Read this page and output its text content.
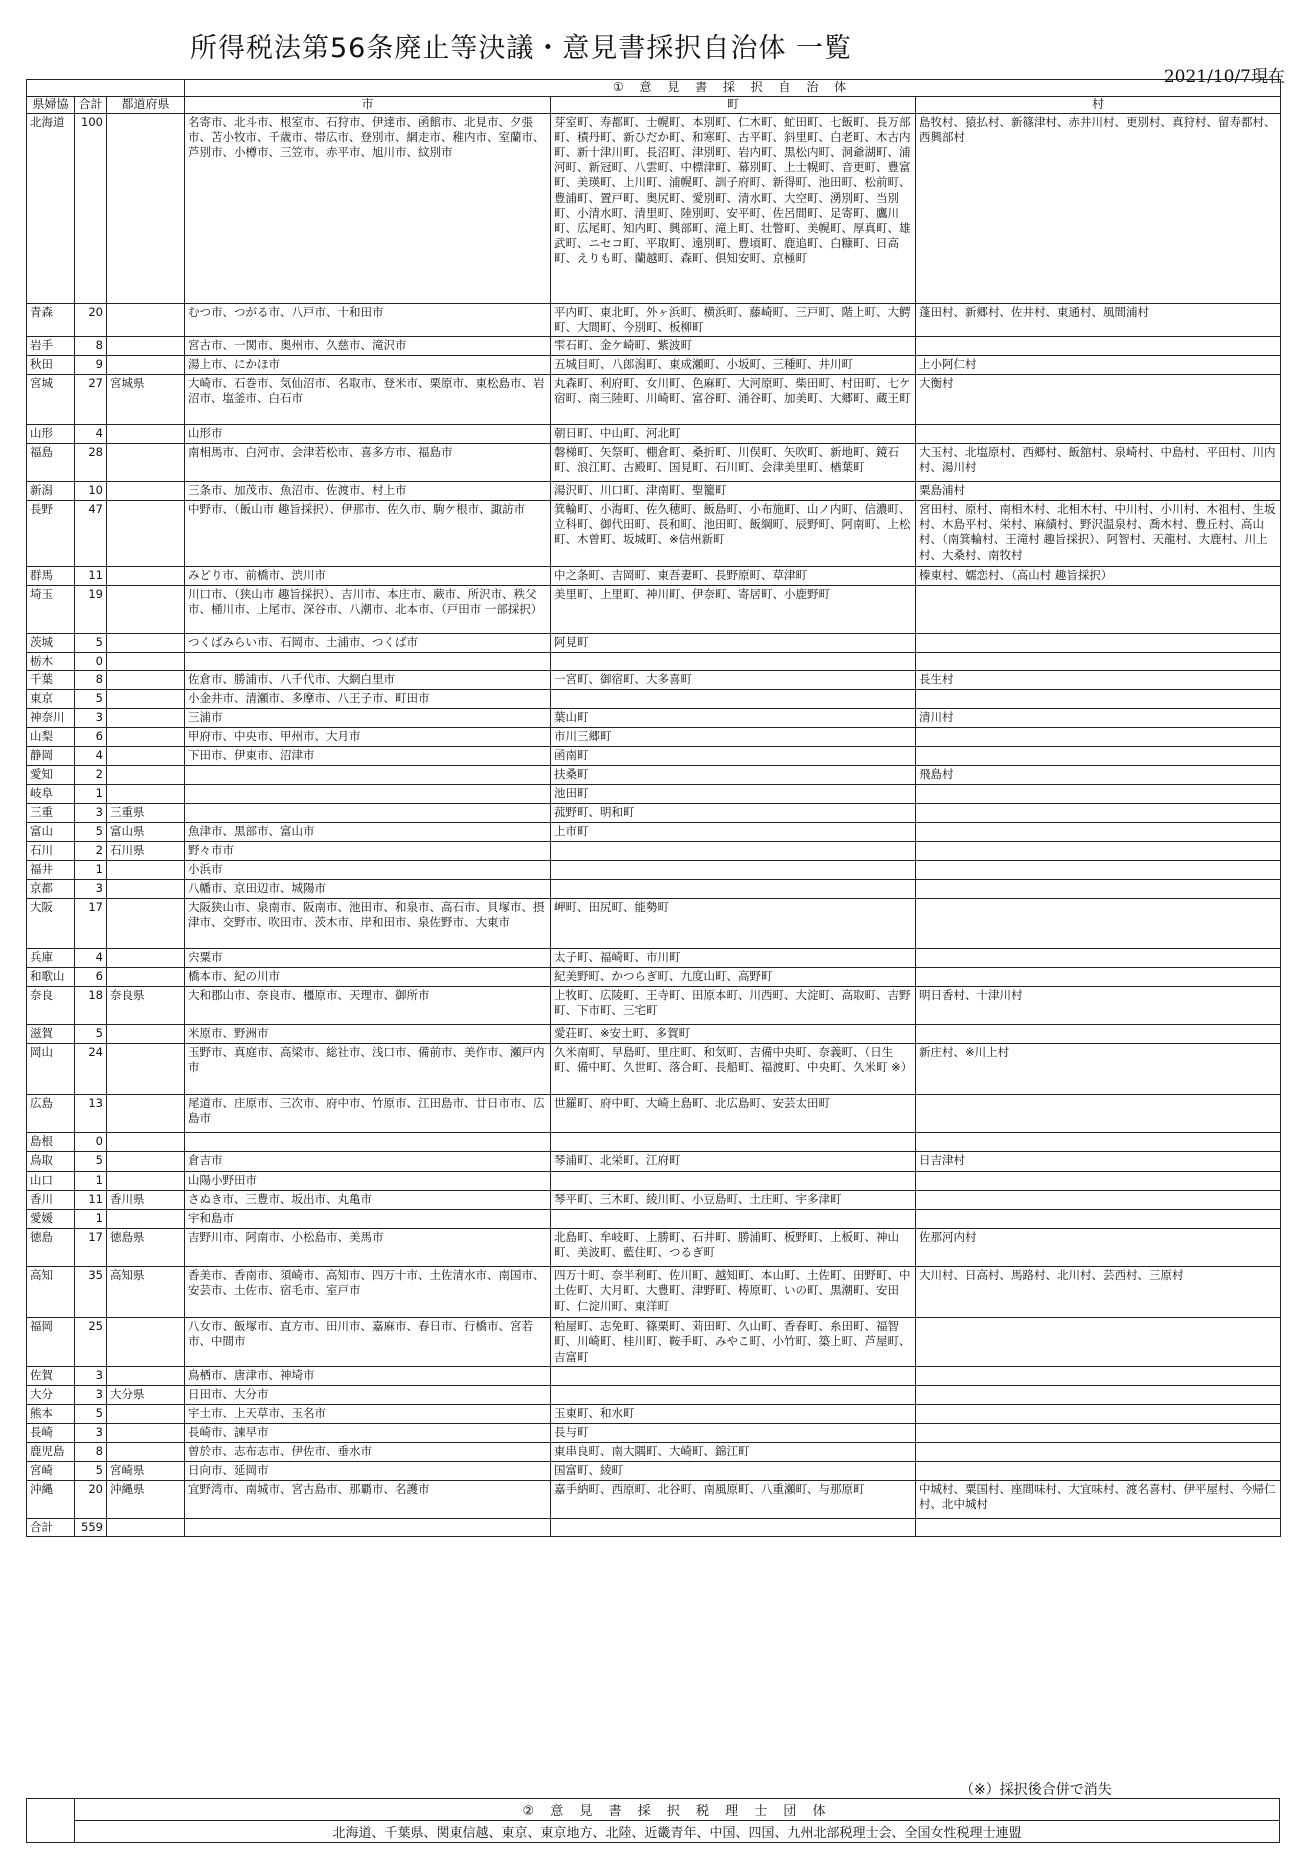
所得税法第56条廃止等決議・意見書採択自治体 一覧
2021/10/7現在
			① 意 見 書 採 択 自 治 体		
県婦協	合計	都道府県	市	町	村
北海道	100		名寄市、北斗市、根室市、石狩市、伊達市、函館市、北見市、夕張市、苫小牧市、千歳市、帯広市、登別市、網走市、稚内市、室蘭市、芦別市、小樽市、三笠市、赤平市、旭川市、紋別市	芽室町、寿都町、士幌町、本別町、仁木町、虻田町、七飯町、長万部町、積丹町、新ひだか町、和寒町、古平町、斜里町、白老町、木古内町、新十津川町、長沼町、津別町、岩内町、黒松内町、洞爺湖町、浦河町、新冠町、八雲町、中標津町、幕別町、上士幌町、音更町、豊富町、美瑛町、上川町、浦幌町、訓子府町、新得町、池田町、松前町、豊浦町、置戸町、奥尻町、愛別町、清水町、大空町、湧別町、当別町、小清水町、清里町、陸別町、安平町、佐呂間町、足寄町、鷹川町、広尾町、知内町、興部町、滝上町、壮瞥町、美幌町、厚真町、雄武町、ニセコ町、平取町、遠別町、豊頃町、鹿追町、白糠町、日高町、えりも町、蘭越町、森町、倶知安町、京極町	島牧村、猿払村、新篠津村、赤井川村、更別村、真狩村、留寿都村、西興部村
青森	20		むつ市、つがる市、八戸市、十和田市	平内町、東北町、外ヶ浜町、横浜町、藤崎町、三戸町、階上町、大鰐町、大間町、今別町、板柳町	蓬田村、新郷村、佐井村、東通村、風間浦村
岩手	8		宮古市、一関市、奥州市、久慈市、滝沢市	雫石町、金ケ崎町、紫波町	
秋田	9		湯上市、にかほ市	五城目町、八郎潟町、東成瀬町、小坂町、三種町、井川町	上小阿仁村
宮城	27	宮城県	大崎市、石巻市、気仙沼市、名取市、登米市、栗原市、東松島市、岩沼市、塩釜市、白石市	丸森町、利府町、女川町、色麻町、大河原町、柴田町、村田町、七ケ宿町、南三陸町、川崎町、富谷町、涌谷町、加美町、大郷町、蔵王町	大衡村
山形	4		山形市	朝日町、中山町、河北町	
福島	28		南相馬市、白河市、会津若松市、喜多方市、福島市	磐梯町、矢祭町、棚倉町、桑折町、川俣町、矢吹町、新地町、鏡石町、浪江町、古殿町、国見町、石川町、会津美里町、楢葉町	大玉村、北塩原村、西郷村、飯舘村、泉崎村、中島村、平田村、川内村、湯川村
新潟	10		三条市、加茂市、魚沼市、佐渡市、村上市	湯沢町、川口町、津南町、聖籠町	粟島浦村
長野	47		中野市、（飯山市 趣旨採択）、伊那市、佐久市、駒ケ根市、諏訪市	箕輪町、小海町、佐久穂町、飯島町、小布施町、山ノ内町、信濃町、立科町、御代田町、長和町、池田町、飯綱町、辰野町、阿南町、上松町、木曽町、坂城町、※信州新町	宮田村、原村、南相木村、北相木村、中川村、小川村、木祖村、生坂村、木島平村、栄村、麻績村、野沢温泉村、喬木村、豊丘村、高山村、（南箕輪村、王滝村 趣旨採択）、阿智村、天龍村、大鹿村、川上村、大桑村、南牧村
群馬	11		みどり市、前橋市、渋川市	中之条町、吉岡町、東吾妻町、長野原町、草津町	榛東村、嬬恋村、（高山村 趣旨採択）
埼玉	19		川口市、（狭山市 趣旨採択）、吉川市、本庄市、蕨市、所沢市、秩父市、桶川市、上尾市、深谷市、八潮市、北本市、（戸田市 一部採択）	美里町、上里町、神川町、伊奈町、寄居町、小鹿野町	
茨城	5		つくばみらい市、石岡市、土浦市、つくば市	阿見町	
栃木	0				
千葉	8		佐倉市、勝浦市、八千代市、大網白里市	一宮町、御宿町、大多喜町	長生村
東京	5		小金井市、清瀬市、多摩市、八王子市、町田市		
神奈川	3		三浦市	葉山町	清川村
山梨	6		甲府市、中央市、甲州市、大月市	市川三郷町	
静岡	4		下田市、伊東市、沼津市	函南町	
愛知	2			扶桑町	飛島村
岐阜	1			池田町	
三重	3	三重県		菰野町、明和町	
富山	5	富山県	魚津市、黒部市、富山市	上市町	
石川	2	石川県	野々市市		
福井	1		小浜市		
京都	3		八幡市、京田辺市、城陽市		
大阪	17		大阪狭山市、泉南市、阪南市、池田市、和泉市、高石市、貝塚市、摂津市、交野市、吹田市、茨木市、岸和田市、泉佐野市、大東市	岬町、田尻町、能勢町	
兵庫	4		宍粟市	太子町、福崎町、市川町	
和歌山	6		橋本市、紀の川市	紀美野町、かつらぎ町、九度山町、高野町	
奈良	18	奈良県	大和郡山市、奈良市、橿原市、天理市、御所市	上牧町、広陵町、王寺町、田原本町、川西町、大淀町、高取町、吉野町、下市町、三宅町	明日香村、十津川村
滋賀	5		米原市、野洲市	愛荘町、※安土町、多賀町	
岡山	24		玉野市、真庭市、高梁市、総社市、浅口市、備前市、美作市、瀬戸内市	久米南町、早島町、里庄町、和気町、吉備中央町、奈義町、（日生町、備中町、久世町、落合町、長船町、福渡町、中央町、久米町 ※）	新庄村、※川上村
広島	13		尾道市、庄原市、三次市、府中市、竹原市、江田島市、廿日市市、広島市	世羅町、府中町、大崎上島町、北広島町、安芸太田町	
島根	0				
鳥取	5		倉吉市	琴浦町、北栄町、江府町	日吉津村
山口	1		山陽小野田市		
香川	11	香川県	さぬき市、三豊市、坂出市、丸亀市	琴平町、三木町、綾川町、小豆島町、土庄町、宇多津町	
愛媛	1		宇和島市		
徳島	17	徳島県	吉野川市、阿南市、小松島市、美馬市	北島町、牟岐町、上勝町、石井町、勝浦町、板野町、上板町、神山町、美波町、藍住町、つるぎ町	佐那河内村
高知	35	高知県	香美市、香南市、須崎市、高知市、四万十市、土佐清水市、南国市、安芸市、土佐市、宿毛市、室戸市	四万十町、奈半利町、佐川町、越知町、本山町、土佐町、田野町、中土佐町、大月町、大豊町、津野町、梼原町、いの町、黒潮町、安田町、仁淀川町、東洋町	大川村、日高村、馬路村、北川村、芸西村、三原村
福岡	25		八女市、飯塚市、直方市、田川市、嘉麻市、春日市、行橋市、宮若市、中間市	粕屋町、志免町、篠栗町、苅田町、久山町、香春町、糸田町、福智町、川崎町、桂川町、鞍手町、みやこ町、小竹町、築上町、芦屋町、吉富町	
佐賀	3		鳥栖市、唐津市、神埼市		
大分	3	大分県	日田市、大分市		
熊本	5		宇土市、上天草市、玉名市	玉東町、和水町	
長崎	3		長崎市、諫早市	長与町	
鹿児島	8		曽於市、志布志市、伊佐市、垂水市	東串良町、南大隅町、大崎町、錦江町	
宮崎	5	宮崎県	日向市、延岡市	国富町、綾町	
沖縄	20	沖縄県	宜野湾市、南城市、宮古島市、那覇市、名護市	嘉手納町、西原町、北谷町、南風原町、八重瀬町、与那原町	中城村、粟国村、座間味村、大宜味村、渡名喜村、伊平屋村、今帰仁村、北中城村
合計	559				
（※）採択後合併で消失
	② 意 見 書 採 択 税 理 士 団 体
北海道、千葉県、関東信越、東京、東京地方、北陸、近畿青年、中国、四国、九州北部税理士会、全国女性税理士連盟
